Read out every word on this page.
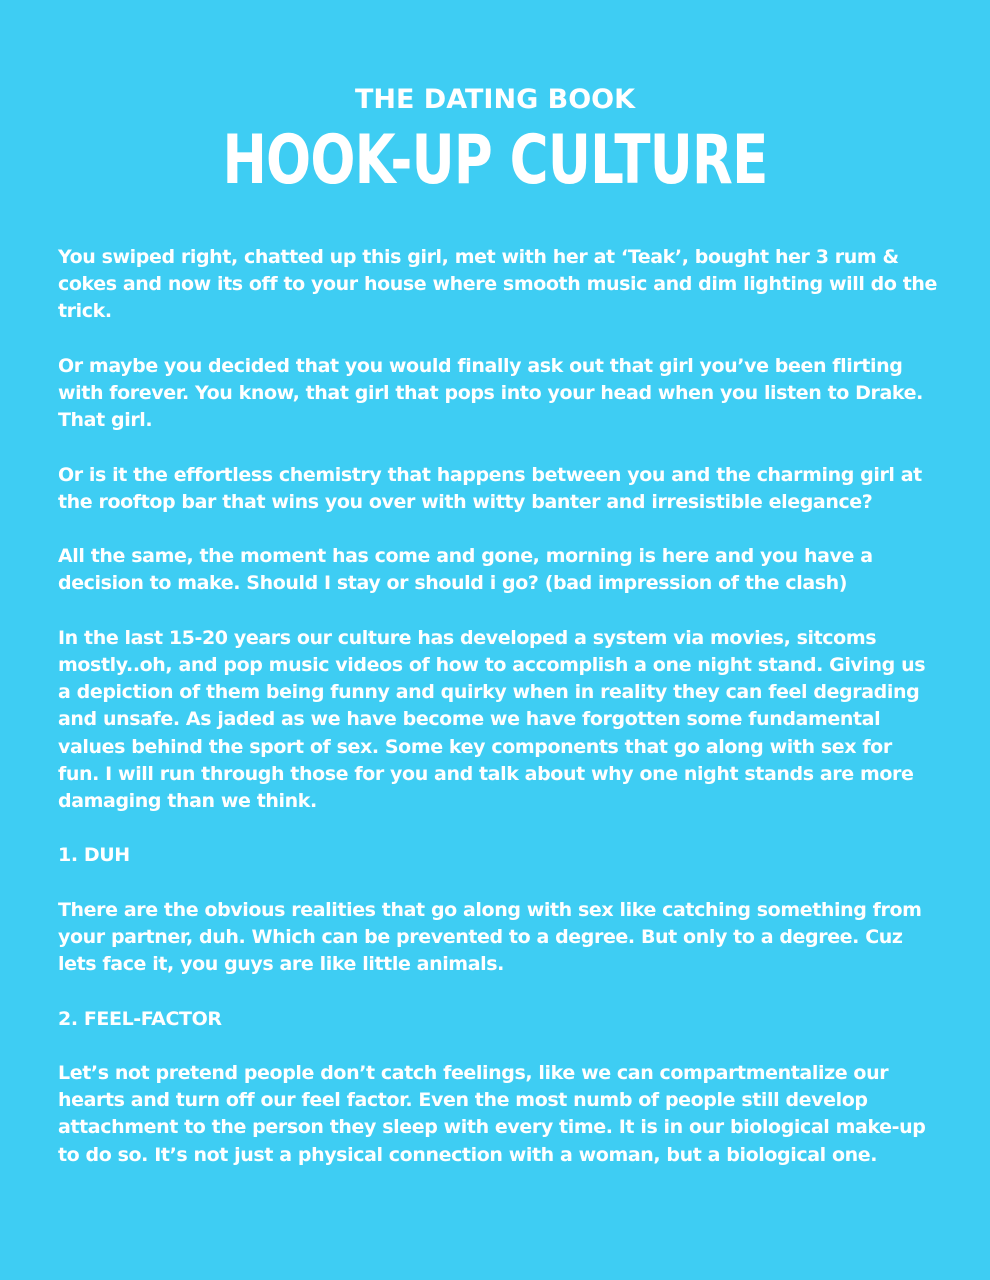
THE DATING BOOK
HOOK-UP CULTURE

You swiped right, chatted up this girl, met with her at ‘Teak’, bought her 3 rum & cokes and now its off to your house where smooth music and dim lighting will do the trick.

Or maybe you decided that you would finally ask out that girl you’ve been flirting with forever. You know, that girl that pops into your head when you listen to Drake. That girl.

Or is it the effortless chemistry that happens between you and the charming girl at the rooftop bar that wins you over with witty banter and irresistible elegance?

All the same, the moment has come and gone, morning is here and you have a decision to make. Should I stay or should i go? (bad impression of the clash)

In the last 15-20 years our culture has developed a system via movies, sitcoms mostly..oh, and pop music videos of how to accomplish a one night stand. Giving us a depiction of them being funny and quirky when in reality they can feel degrading and unsafe. As jaded as we have become we have forgotten some fundamental values behind the sport of sex. Some key components that go along with sex for fun. I will run through those for you and talk about why one night stands are more damaging than we think.

1. DUH

There are the obvious realities that go along with sex like catching something from your partner, duh. Which can be prevented to a degree. But only to a degree. Cuz lets face it, you guys are like little animals.

2. FEEL-FACTOR

Let’s not pretend people don’t catch feelings, like we can compartmentalize our hearts and turn off our feel factor. Even the most numb of people still develop attachment to the person they sleep with every time. It is in our biological make-up to do so. It’s not just a physical connection with a woman, but a biological one.
